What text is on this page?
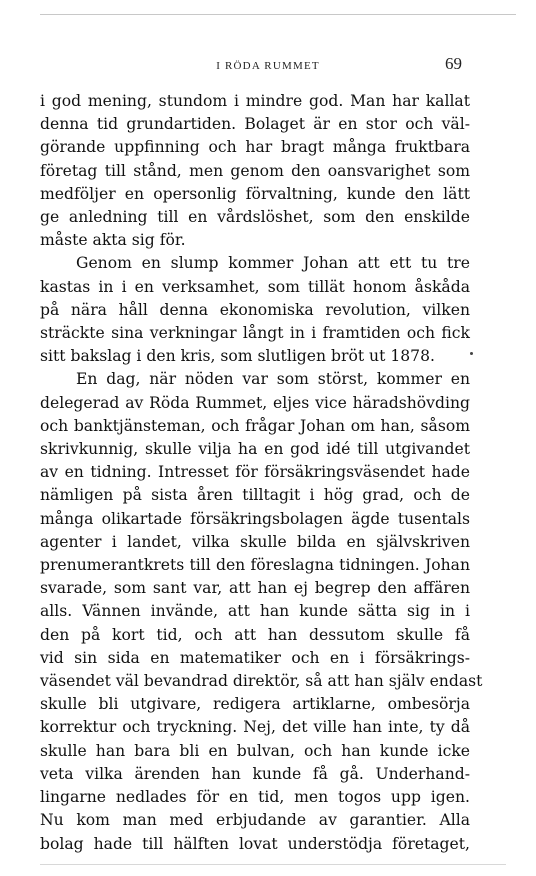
I RÖDA RUMMET	69
i god mening, stundom i mindre god. Man har kallat
denna tid grundartiden. Bolaget är en stor och väl-
görande uppfinning och har bragt många fruktbara
företag till stånd, men genom den oansvarighet som
medföljer en opersonlig förvaltning, kunde den lätt
ge anledning till en vårdslöshet, som den enskilde
måste akta sig för.
Genom en slump kommer Johan att ett tu tre
kastas in i en verksamhet, som tillät honom åskåda
på nära håll denna ekonomiska revolution, vilken
sträckte sina verkningar långt in i framtiden och fick
sitt bakslag i den kris, som slutligen bröt ut 1878.
En dag, när nöden var som störst, kommer en
delegerad av Röda Rummet, eljes vice häradshövding
och banktjänsteman, och frågar Johan om han, såsom
skrivkunnig, skulle vilja ha en god idé till utgivandet
av en tidning. Intresset för försäkringsväsendet hade
nämligen på sista åren tilltagit i hög grad, och de
många olikartade försäkringsbolagen ägde tusentals
agenter i landet, vilka skulle bilda en självskriven
prenumerantkrets till den föreslagna tidningen. Johan
svarade, som sant var, att han ej begrep den affären
alls. Vännen invände, att han kunde sätta sig in i
den på kort tid, och att han dessutom skulle få
vid sin sida en matematiker och en i försäkrings-
väsendet väl bevandrad direktör, så att han själv endast
skulle bli utgivare, redigera artiklarne, ombesörja
korrektur och tryckning. Nej, det ville han inte, ty då
skulle han bara bli en bulvan, och han kunde icke
veta vilka ärenden han kunde få gå. Underhand-
lingarne nedlades för en tid, men togos upp igen.
Nu kom man med erbjudande av garantier. Alla
bolag hade till hälften lovat understödja företaget,
